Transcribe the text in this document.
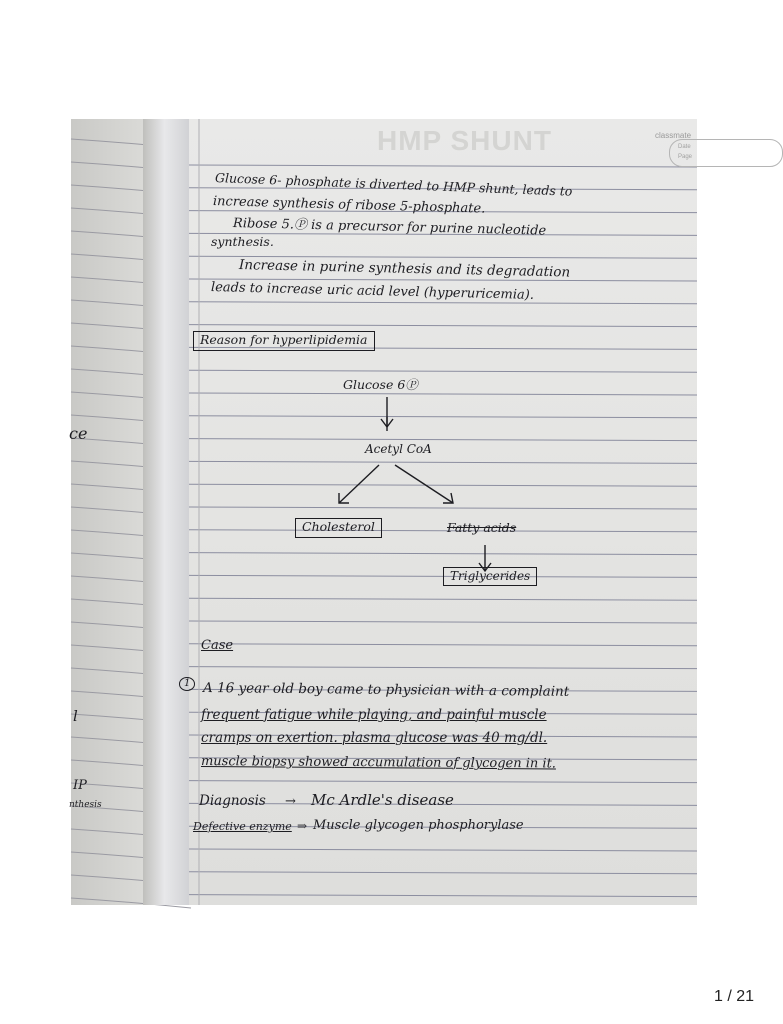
ce
l
IP
nthesis
HMP SHUNT	classmate
Date
Page
Glucose 6- phosphate is diverted to HMP shunt, leads to
increase synthesis of ribose 5-phosphate.
Ribose 5.Ⓟ is a precursor for purine nucleotide
synthesis.
Increase in purine synthesis and its degradation
leads to increase uric acid level (hyperuricemia).
Reason for hyperlipidemia
Glucose 6Ⓟ
Acetyl CoA
Cholesterol	Fatty acids
Triglycerides
Case
1 A 16 year old boy came to physician with a complaint
frequent fatigue while playing, and painful muscle
cramps on exertion. plasma glucose was 40 mg/dl.
muscle biopsy showed accumulation of glycogen in it.
Diagnosis → Mc Ardle's disease
Defective enzyme ⇒ Muscle glycogen phosphorylase
1 / 21
